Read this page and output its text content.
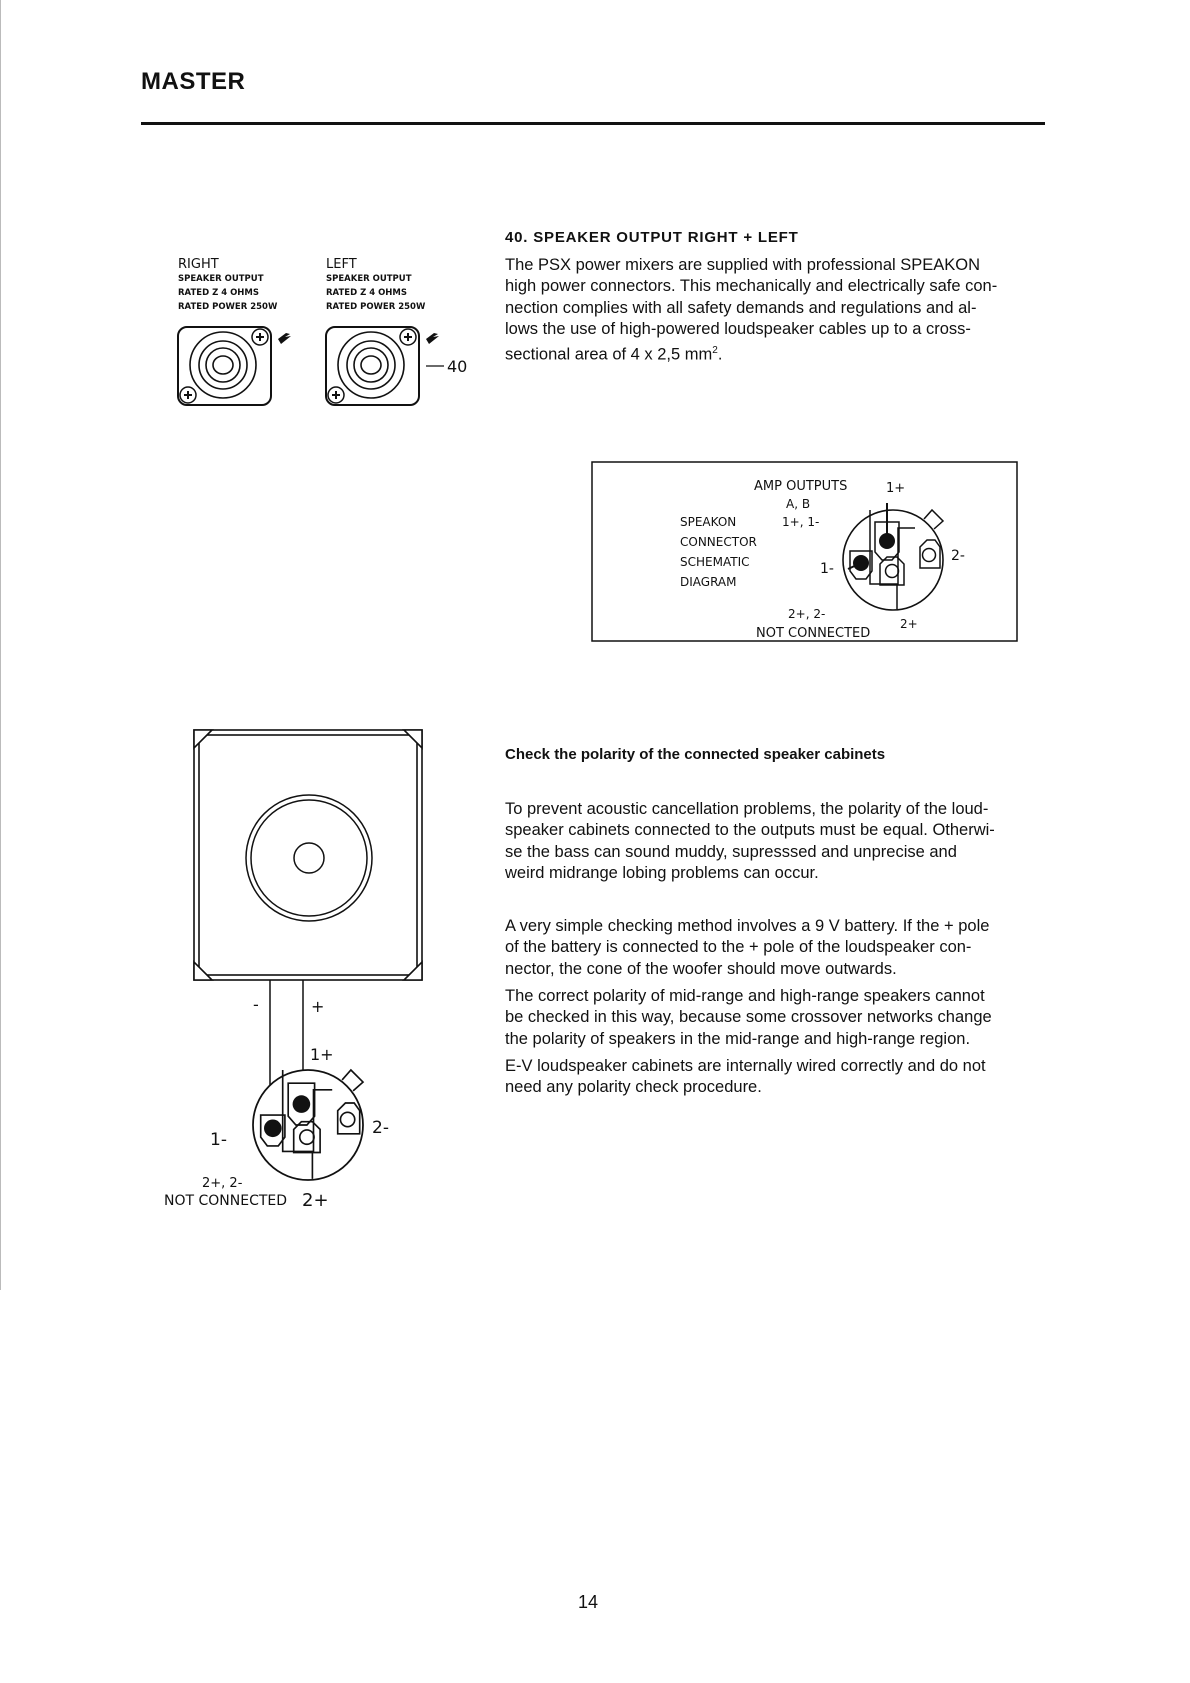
MASTER
40. SPEAKER OUTPUT RIGHT + LEFT
The PSX power mixers are supplied with professional SPEAKON
high power connectors. This mechanically and electrically safe con-
nection complies with all safety demands and regulations and al-
lows the use of high-powered loudspeaker cables up to a cross-
sectional area of 4 x 2,5 $mm^2$.
RIGHT
SPEAKER OUTPUT
RATED Z 4 OHMS
RATED POWER 250W
LEFT
SPEAKER OUTPUT
RATED Z 4 OHMS
RATED POWER 250W
40
AMP OUTPUTS
A, B
1+, 1-
SPEAKON
CONNECTOR
SCHEMATIC
DIAGRAM
2+, 2-
NOT CONNECTED
1+
1-
2-
2+
-	+
1+
1-
2-
2+, 2-
NOT CONNECTED 2+
Check the polarity of the connected speaker cabinets
To prevent acoustic cancellation problems, the polarity of the loud-
speaker cabinets connected to the outputs must be equal. Otherwi-
se the bass can sound muddy, supresssed and unprecise and
weird midrange lobing problems can occur.
A very simple checking method involves a 9 V battery. If the + pole
of the battery is connected to the + pole of the loudspeaker con-
nector, the cone of the woofer should move outwards.
The correct polarity of mid-range and high-range speakers cannot
be checked in this way, because some crossover networks change
the polarity of speakers in the mid-range and high-range region.
E-V loudspeaker cabinets are internally wired correctly and do not
need any polarity check procedure.
14
